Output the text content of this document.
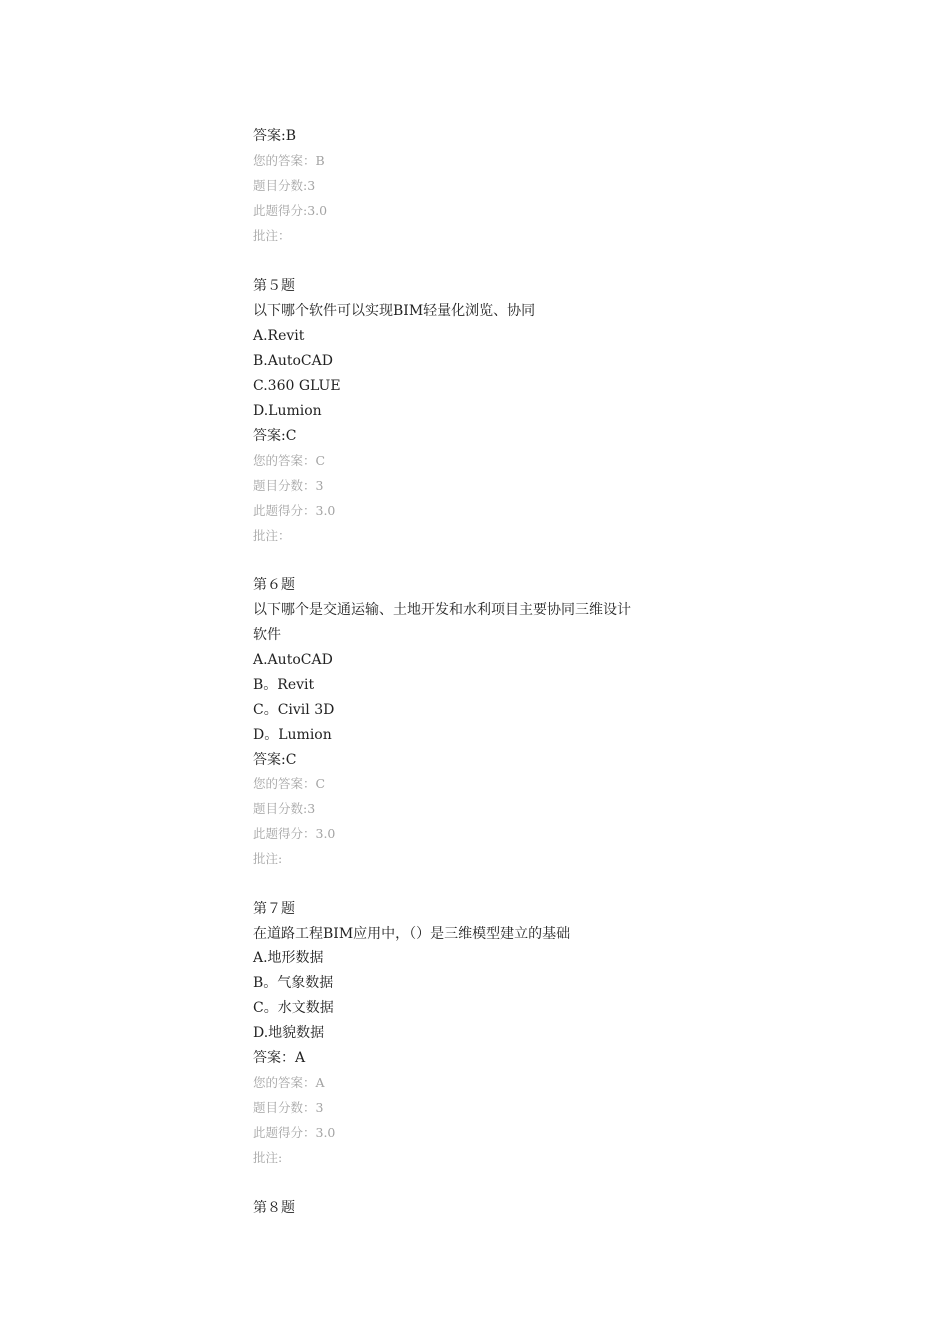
答案:B
您的答案：B
题目分数:3
此题得分:3.0
批注：
第５题
以下哪个软件可以实现BIM轻量化浏览、协同
A.Revit
B.AutoCAD
C.360 GLUE
D.Lumion
答案:C
您的答案：C
题目分数：3
此题得分：3.0
批注：
第６题
以下哪个是交通运输、土地开发和水利项目主要协同三维设计
软件
A.AutoCAD
B。Revit
C。Civil 3D
D。Lumion
答案:C
您的答案：C
题目分数:3
此题得分：3.0
批注:
第７题
在道路工程BIM应用中，（）是三维模型建立的基础
A.地形数据
B。气象数据
C。水文数据
D.地貌数据
答案：A
您的答案：A
题目分数：3
此题得分：3.0
批注:
第８题
